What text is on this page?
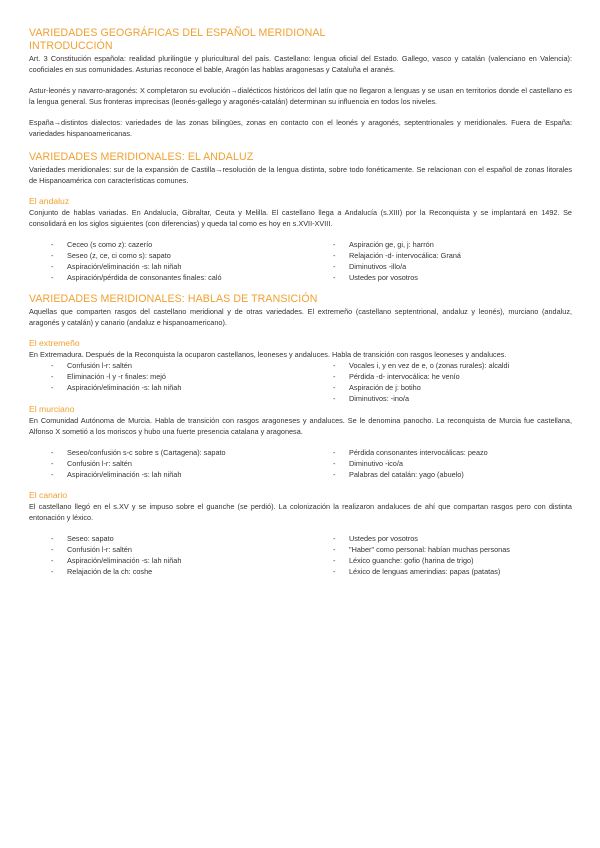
VARIEDADES GEOGRÁFICAS DEL ESPAÑOL MERIDIONAL
INTRODUCCIÓN

Art. 3 Constitución española: realidad plurilingüe y pluricultural del país. Castellano: lengua oficial del Estado. Gallego, vasco y catalán (valenciano en Valencia): cooficiales en sus comunidades. Asturias reconoce el bable, Aragón las hablas aragonesas y Cataluña el aranés.

Astur-leonés y navarro-aragonés: X completaron su evolución→dialécticos históricos del latín que no llegaron a lenguas y se usan en territorios donde el castellano es la lengua general. Sus fronteras imprecisas (leonés-gallego y aragonés-catalán) determinan su influencia en todos los niveles.

España→distintos dialectos: variedades de las zonas bilingües, zonas en contacto con el leonés y aragonés, septentrionales y meridionales. Fuera de España: variedades hispanoamericanas.

VARIEDADES MERIDIONALES: EL ANDALUZ

Variedades meridionales: sur de la expansión de Castilla→resolución de la lengua distinta, sobre todo fonéticamente. Se relacionan con el español de zonas litorales de Hispanoamérica con características comunes.

El andaluz

Conjunto de hablas variadas. En Andalucía, Gibraltar, Ceuta y Melilla. El castellano llega a Andalucía (s.XIII) por la Reconquista y se implantará en 1492. Se consolidará en los siglos siguientes (con diferencias) y queda tal como es hoy en s.XVII-XVIII.

- Ceceo (s como z): cazerío
- Seseo (z, ce, ci como s): sapato
- Aspiración/eliminación -s: lah niñah
- Aspiración/pérdida de consonantes finales: caló
- Aspiración ge, gi, j: harrón
- Relajación -d- intervocálica: Graná
- Diminutivos -illo/a
- Ustedes por vosotros
VARIEDADES MERIDIONALES: HABLAS DE TRANSICIÓN

Aquellas que comparten rasgos del castellano meridional y de otras variedades. El extremeño (castellano septentrional, andaluz y leonés), murciano (andaluz, aragonés y catalán) y canario (andaluz e hispanoamericano).

El extremeño

En Extremadura. Después de la Reconquista la ocuparon castellanos, leoneses y andaluces. Habla de transición con rasgos leoneses y andaluces.

- Confusión l-r: saltén
- Eliminación -l y -r finales: mejó
- Aspiración/eliminación -s: lah niñah
- Vocales i, y en vez de e, o (zonas rurales): alcaldi
- Pérdida -d- intervocálica: he venío
- Aspiración de j: botiho
- Diminutivos: -ino/a
El murciano

En Comunidad Autónoma de Murcia. Habla de transición con rasgos aragoneses y andaluces. Se le denomina panocho. La reconquista de Murcia fue castellana, Alfonso X sometió a los moriscos y hubo una fuerte presencia catalana y aragonesa.

- Seseo/confusión s-c sobre s (Cartagena): sapato
- Confusión l-r: saltén
- Aspiración/eliminación -s: lah niñah
- Pérdida consonantes intervocálicas: peazo
- Diminutivo -ico/a
- Palabras del catalán: yago (abuelo)
El canario

El castellano llegó en el s.XV y se impuso sobre el guanche (se perdió). La colonización la realizaron andaluces de ahí que compartan rasgos pero con distinta entonación y léxico.

- Seseo: sapato
- Confusión l-r: saltén
- Aspiración/eliminación -s: lah niñah
- Relajación de la ch: coshe
- Ustedes por vosotros
- "Haber" como personal: habían muchas personas
- Léxico guanche: gofio (harina de trigo)
- Léxico de lenguas amerindias: papas (patatas)
